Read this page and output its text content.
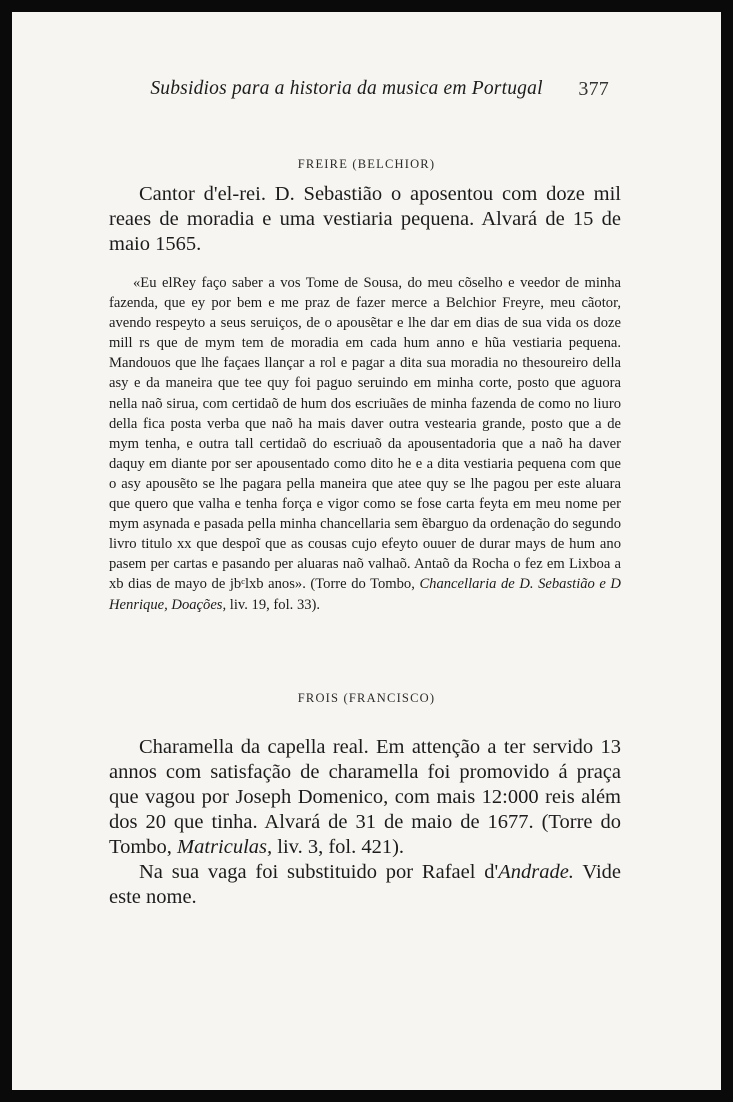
Subsidios para a historia da musica em Portugal 377
FREIRE (BELCHIOR)

Cantor d'el-rei. D. Sebastião o aposentou com doze mil reaes de moradia e uma vestiaria pequena. Alvará de 15 de maio 1565.

«Eu elRey faço saber a vos Tome de Sousa, do meu cõselho e veedor de minha fazenda, que ey por bem e me praz de fazer merce a Belchior Freyre, meu cãotor, avendo respeyto a seus seruiços, de o apousẽtar e lhe dar em dias de sua vida os doze mill rs que de mym tem de moradia em cada hum anno e hũa vestiaria pequena. Mandouos que lhe façaes llançar a rol e pagar a dita sua moradia no thesoureiro della asy e da maneira que tee quy foi paguo seruindo em minha corte, posto que aguora nella naõ sirua, com certidaõ de hum dos escriuães de minha fazenda de como no liuro della fica posta verba que naõ ha mais daver outra vestearia grande, posto que a de mym tenha, e outra tall certidaõ do escriuaõ da apousentadoria que a naõ ha daver daquy em diante por ser apousentado como dito he e a dita vestiaria pequena com que o asy apousẽto se lhe pagara pella maneira que atee quy se lhe pagou per este aluara que quero que valha e tenha força e vigor como se fose carta feyta em meu nome per mym asynada e pasada pella minha chancellaria sem ẽbarguo da ordenação do segundo livro titulo xx que despoĩ que as cousas cujo efeyto ouuer de durar mays de hum ano pasem per cartas e pasando per aluaras naõ valhaõ. Antaõ da Rocha o fez em Lixboa a xb dias de mayo de jbᶜlxb anos». (Torre do Tombo, Chancellaria de D. Sebastião e D Henrique, Doações, liv. 19, fol. 33).

FROIS (FRANCISCO)

Charamella da capella real. Em attenção a ter servido 13 annos com satisfação de charamella foi promovido á praça que vagou por Joseph Domenico, com mais 12:000 reis além dos 20 que tinha. Alvará de 31 de maio de 1677. (Torre do Tombo, Matriculas, liv. 3, fol. 421).

Na sua vaga foi substituido por Rafael d'Andrade. Vide este nome.
